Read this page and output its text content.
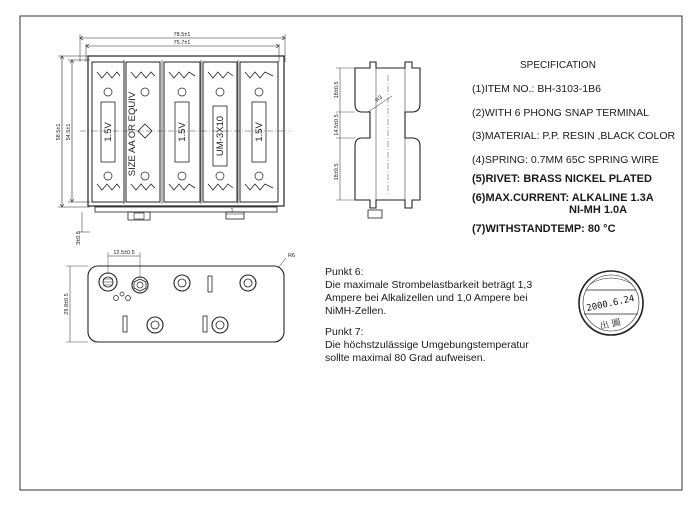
1.5V SIZE AA OR EQUIV	1.5V	UM-3X10	1.5V
78.5±1
75.7±1
58.5±1 54.5±1
3±0.5
1
18±0.5
14.5±0.5
18±0.5
R3
29.8±0.5
12.5±0.5	R6
2000.6.24
出 圖
SPECIFICATION
(1)ITEM NO.: BH-3103-1B6
(2)WITH 6 PHONG SNAP TERMINAL
(3)MATERIAL: P.P. RESIN ,BLACK COLOR
(4)SPRING: 0.7MM 65C SPRING WIRE
(5)RIVET: BRASS NICKEL PLATED
(6)MAX.CURRENT: ALKALINE 1.3A
NI-MH 1.0A
(7)WITHSTANDTEMP: 80 °C
Punkt 6:
Die maximale Strombelastbarkeit beträgt 1,3 Ampere bei Alkalizellen und 1,0 Ampere bei NiMH-Zellen.
Punkt 7:
Die höchstzulässige Umgebungstemperatur sollte maximal 80 Grad aufweisen.
